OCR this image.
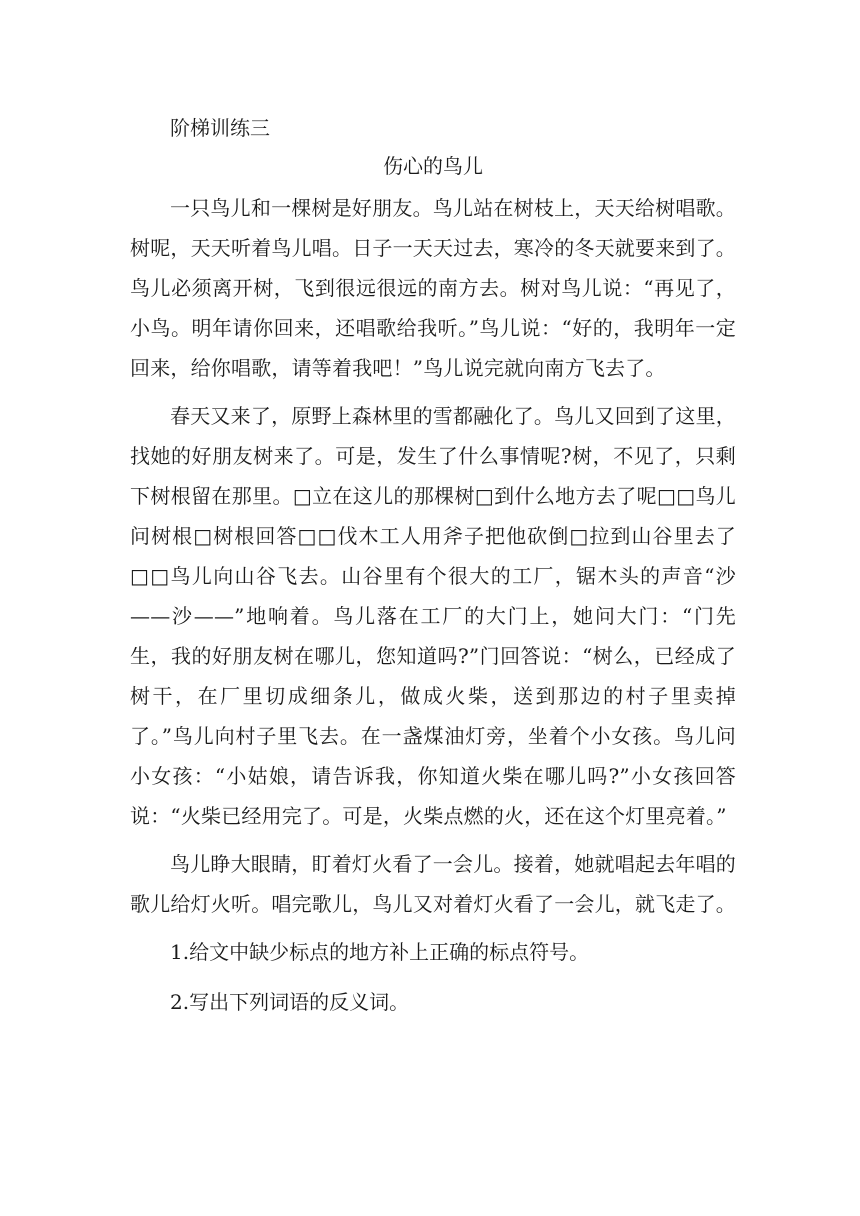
阶梯训练三
伤心的鸟儿

一只鸟儿和一棵树是好朋友。鸟儿站在树枝上，天天给树唱歌。树呢，天天听着鸟儿唱。日子一天天过去，寒冷的冬天就要来到了。鸟儿必须离开树，飞到很远很远的南方去。树对鸟儿说：“再见了，小鸟。明年请你回来，还唱歌给我听。”鸟儿说：“好的，我明年一定回来，给你唱歌，请等着我吧！”鸟儿说完就向南方飞去了。

春天又来了，原野上森林里的雪都融化了。鸟儿又回到了这里，找她的好朋友树来了。可是，发生了什么事情呢?树，不见了，只剩下树根留在那里。□立在这儿的那棵树□到什么地方去了呢□□鸟儿问树根□树根回答□□伐木工人用斧子把他砍倒□拉到山谷里去了□□鸟儿向山谷飞去。山谷里有个很大的工厂，锯木头的声音“沙——沙——”地响着。鸟儿落在工厂的大门上，她问大门：“门先生，我的好朋友树在哪儿，您知道吗?”门回答说：“树么，已经成了树干，在厂里切成细条儿，做成火柴，送到那边的村子里卖掉了。”鸟儿向村子里飞去。在一盏煤油灯旁，坐着个小女孩。鸟儿问小女孩：“小姑娘，请告诉我，你知道火柴在哪儿吗?”小女孩回答说：“火柴已经用完了。可是，火柴点燃的火，还在这个灯里亮着。”

鸟儿睁大眼睛，盯着灯火看了一会儿。接着，她就唱起去年唱的歌儿给灯火听。唱完歌儿，鸟儿又对着灯火看了一会儿，就飞走了。

1.给文中缺少标点的地方补上正确的标点符号。
2.写出下列词语的反义词。
